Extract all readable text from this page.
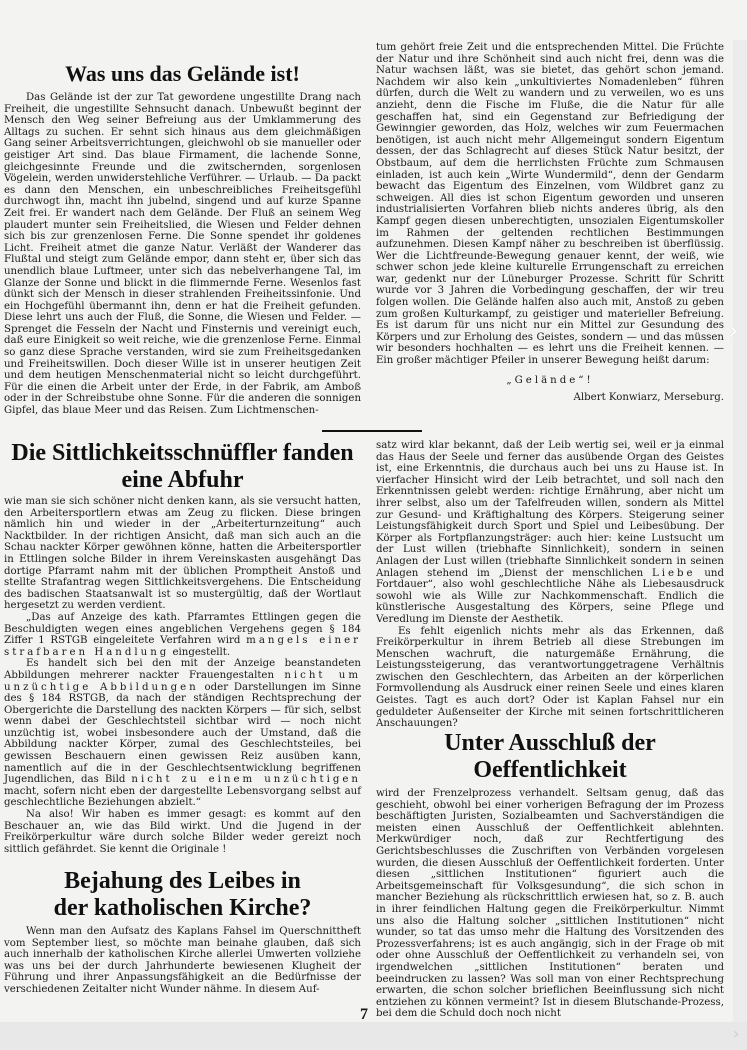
Was uns das Gelände ist!

Das Gelände ist der zur Tat gewordene ungestillte Drang nach Freiheit, die ungestillte Sehnsucht danach. Unbewußt beginnt der Mensch den Weg seiner Befreiung aus der Umklammerung des Alltags zu suchen. Er sehnt sich hinaus aus dem gleichmäßigen Gang seiner Arbeitsverrichtungen, gleichwohl ob sie manueller oder geistiger Art sind. Das blaue Firmament, die lachende Sonne, gleichgesinnte Freunde und die zwitschernden, sorgenlosen Vögelein, werden unwiderstehliche Verführer. — Urlaub. — Da packt es dann den Menschen, ein unbeschreibliches Freiheitsgefühl durchwogt ihn, macht ihn jubelnd, singend und auf kurze Spanne Zeit frei. Er wandert nach dem Gelände. Der Fluß an seinem Weg plaudert munter sein Freiheitslied, die Wiesen und Felder dehnen sich bis zur grenzenlosen Ferne. Die Sonne spendet ihr goldenes Licht. Freiheit atmet die ganze Natur. Verläßt der Wanderer das Flußtal und steigt zum Gelände empor, dann steht er, über sich das unendlich blaue Luftmeer, unter sich das nebelverhangene Tal, im Glanze der Sonne und blickt in die flimmernde Ferne. Wesenlos fast dünkt sich der Mensch in dieser strahlenden Freiheitssinfonie. Und ein Hochgefühl übermannt ihn, denn er hat die Freiheit gefunden. Diese lehrt uns auch der Fluß, die Sonne, die Wiesen und Felder. — Sprenget die Fesseln der Nacht und Finsternis und vereinigt euch, daß eure Einigkeit so weit reiche, wie die grenzenlose Ferne. Einmal so ganz diese Sprache verstanden, wird sie zum Freiheitsgedanken und Freiheitswillen. Doch dieser Wille ist in unserer heutigen Zeit und dem heutigen Menschenmaterial nicht so leicht durchgeführt. Für die einen die Arbeit unter der Erde, in der Fabrik, am Amboß oder in der Schreibstube ohne Sonne. Für die anderen die sonnigen Gipfel, das blaue Meer und das Reisen. Zum Lichtmenschen-

tum gehört freie Zeit und die entsprechenden Mittel. Die Früchte der Natur und ihre Schönheit sind auch nicht frei, denn was die Natur wachsen läßt, was sie bietet, das gehört schon jemand. Nachdem wir also kein „unkultiviertes Nomadenleben“ führen dürfen, durch die Welt zu wandern und zu verweilen, wo es uns anzieht, denn die Fische im Fluße, die die Natur für alle geschaffen hat, sind ein Gegenstand zur Befriedigung der Gewinngier geworden, das Holz, welches wir zum Feuermachen benötigen, ist auch nicht mehr Allgemeingut sondern Eigentum dessen, der das Schlagrecht auf dieses Stück Natur besitzt, der Obstbaum, auf dem die herrlichsten Früchte zum Schmausen einladen, ist auch kein „Wirte Wundermild“, denn der Gendarm bewacht das Eigentum des Einzelnen, vom Wildbret ganz zu schweigen. All dies ist schon Eigentum geworden und unseren industrialisierten Vorfahren blieb nichts anderes übrig, als den Kampf gegen diesen unberechtigten, unsozialen Eigentumskoller im Rahmen der geltenden rechtlichen Bestimmungen aufzunehmen. Diesen Kampf näher zu beschreiben ist überflüssig. Wer die Lichtfreunde-Bewegung genauer kennt, der weiß, wie schwer schon jede kleine kulturelle Errungenschaft zu erreichen war, gedenkt nur der Lüneburger Prozesse. Schritt für Schritt wurde vor 3 Jahren die Vorbedingung geschaffen, der wir treu folgen wollen. Die Gelände halfen also auch mit, Anstoß zu geben zum großen Kulturkampf, zu geistiger und materieller Befreiung. Es ist darum für uns nicht nur ein Mittel zur Gesundung des Körpers und zur Erholung des Geistes, sondern — und das müssen wir besonders hochhalten — es lehrt uns die Freiheit kennen. — Ein großer mächtiger Pfeiler in unserer Bewegung heißt darum:

„Gelände“!

Albert Konwiarz, Merseburg.

Die Sittlichkeitsschnüffler fanden eine Abfuhr

wie man sie sich schöner nicht denken kann, als sie versucht hatten, den Arbeitersportlern etwas am Zeug zu flicken. Diese bringen nämlich hin und wieder in der „Arbeiterturnzeitung“ auch Nacktbilder. In der richtigen Ansicht, daß man sich auch an die Schau nackter Körper gewöhnen könne, hatten die Arbeitersportler in Ettlingen solche Bilder in ihrem Vereinskasten ausgehängt Das dortige Pfarramt nahm mit der üblichen Promptheit Anstoß und stellte Strafantrag wegen Sittlichkeitsvergehens. Die Entscheidung des badischen Staatsanwalt ist so mustergültig, daß der Wortlaut hergesetzt zu werden verdient.

„Das auf Anzeige des kath. Pfarramtes Ettlingen gegen die Beschuldigten wegen eines angeblichen Vergehens gegen § 184 Ziffer 1 RSTGB eingeleitete Verfahren wird mangels einer strafbaren Handlung eingestellt.

Es handelt sich bei den mit der Anzeige beanstandeten Abbildungen mehrerer nackter Frauengestalten nicht um unzüchtige Abbildungen oder Darstellungen im Sinne des § 184 RSTGB, da nach der ständigen Rechtsprechung der Obergerichte die Darstellung des nackten Körpers — für sich, selbst wenn dabei der Geschlechtsteil sichtbar wird — noch nicht unzüchtig ist, wobei insbesondere auch der Umstand, daß die Abbildung nackter Körper, zumal des Geschlechtsteiles, bei gewissen Beschauern einen gewissen Reiz ausüben kann, namentlich auf die in der Geschlechtsentwicklung begriffenen Jugendlichen, das Bild nicht zu einem unzüchtigen macht, sofern nicht eben der dargestellte Lebensvorgang selbst auf geschlechtliche Beziehungen abzielt.“

Na also! Wir haben es immer gesagt: es kommt auf den Beschauer an, wie das Bild wirkt. Und die Jugend in der Freikörperkultur wäre durch solche Bilder weder gereizt noch sittlich gefährdet. Sie kennt die Originale !

Bejahung des Leibes in der katholischen Kirche?

Wenn man den Aufsatz des Kaplans Fahsel im Querschnittheft vom September liest, so möchte man beinahe glauben, daß sich auch innerhalb der katholischen Kirche allerlei Umwerten vollziehe was uns bei der durch Jahrhunderte bewiesenen Klugheit der Führung und ihrer Anpassungsfähigkeit an die Bedürfnisse der verschiedenen Zeitalter nicht Wunder nähme. In diesem Auf-

satz wird klar bekannt, daß der Leib wertig sei, weil er ja einmal das Haus der Seele und ferner das ausübende Organ des Geistes ist, eine Erkenntnis, die durchaus auch bei uns zu Hause ist. In vierfacher Hinsicht wird der Leib betrachtet, und soll nach den Erkenntnissen gelebt werden: richtige Ernährung, aber nicht um ihrer selbst, also um der Tafelfreuden willen, sondern als Mittel zur Gesund- und Kräftighaltung des Körpers. Steigerung seiner Leistungsfähigkeit durch Sport und Spiel und Leibesübung. Der Körper als Fortpflanzungsträger: auch hier: keine Lustsucht um der Lust willen (triebhafte Sinnlichkeit), sondern in seinen Anlagen der Lust willen (triebhafte Sinnlichkeit sondern in seinen Anlagen stehend im „Dienst der menschlichen Liebe und Fortdauer“, also wohl geschlechtliche Nähe als Liebesausdruck sowohl wie als Wille zur Nachkommenschaft. Endlich die künstlerische Ausgestaltung des Körpers, seine Pflege und Veredlung im Dienste der Aesthetik.

Es fehlt eigenlich nichts mehr als das Erkennen, daß Freikörperkultur in ihrem Betrieb all diese Strebungen im Menschen wachruft, die naturgemäße Ernährung, die Leistungssteigerung, das verantwortunggetragene Verhältnis zwischen den Geschlechtern, das Arbeiten an der körperlichen Formvollendung als Ausdruck einer reinen Seele und eines klaren Geistes. Tagt es auch dort? Oder ist Kaplan Fahsel nur ein geduldeter Außenseiter der Kirche mit seinen fortschrittlicheren Anschauungen?

Unter Ausschluß der Oeffentlichkeit

wird der Frenzelprozess verhandelt. Seltsam genug, daß das geschieht, obwohl bei einer vorherigen Befragung der im Prozess beschäftigten Juristen, Sozialbeamten und Sachverständigen die meisten einen Ausschluß der Oeffentlichkeit ablehnten. Merkwürdiger noch, daß zur Rechtfertigung des Gerichtsbeschlusses die Zuschriften von Verbänden vorgelesen wurden, die diesen Ausschluß der Oeffentlichkeit forderten. Unter diesen „sittlichen Institutionen“ figuriert auch die Arbeitsgemeinschaft für Volksgesundung“, die sich schon in mancher Beziehung als rückschrittlich erwiesen hat, so z. B. auch in ihrer feindlichen Haltung gegen die Freikörperkultur. Nimmt uns also die Haltung solcher „sittlichen Institutionen“ nicht wunder, so tat das umso mehr die Haltung des Vorsitzenden des Prozessverfahrens; ist es auch angängig, sich in der Frage ob mit oder ohne Ausschluß der Oeffentlichkeit zu verhandeln sei, von irgendwelchen „sittlichen Institutionen“ beraten und beeindrucken zu lassen? Was soll man von einer Rechtsprechung erwarten, die schon solcher brieflichen Beeinflussung sich nicht entziehen zu können vermeint? Ist in diesem Blutschande-Prozess, bei dem die Schuld doch noch nicht

7
›
›
